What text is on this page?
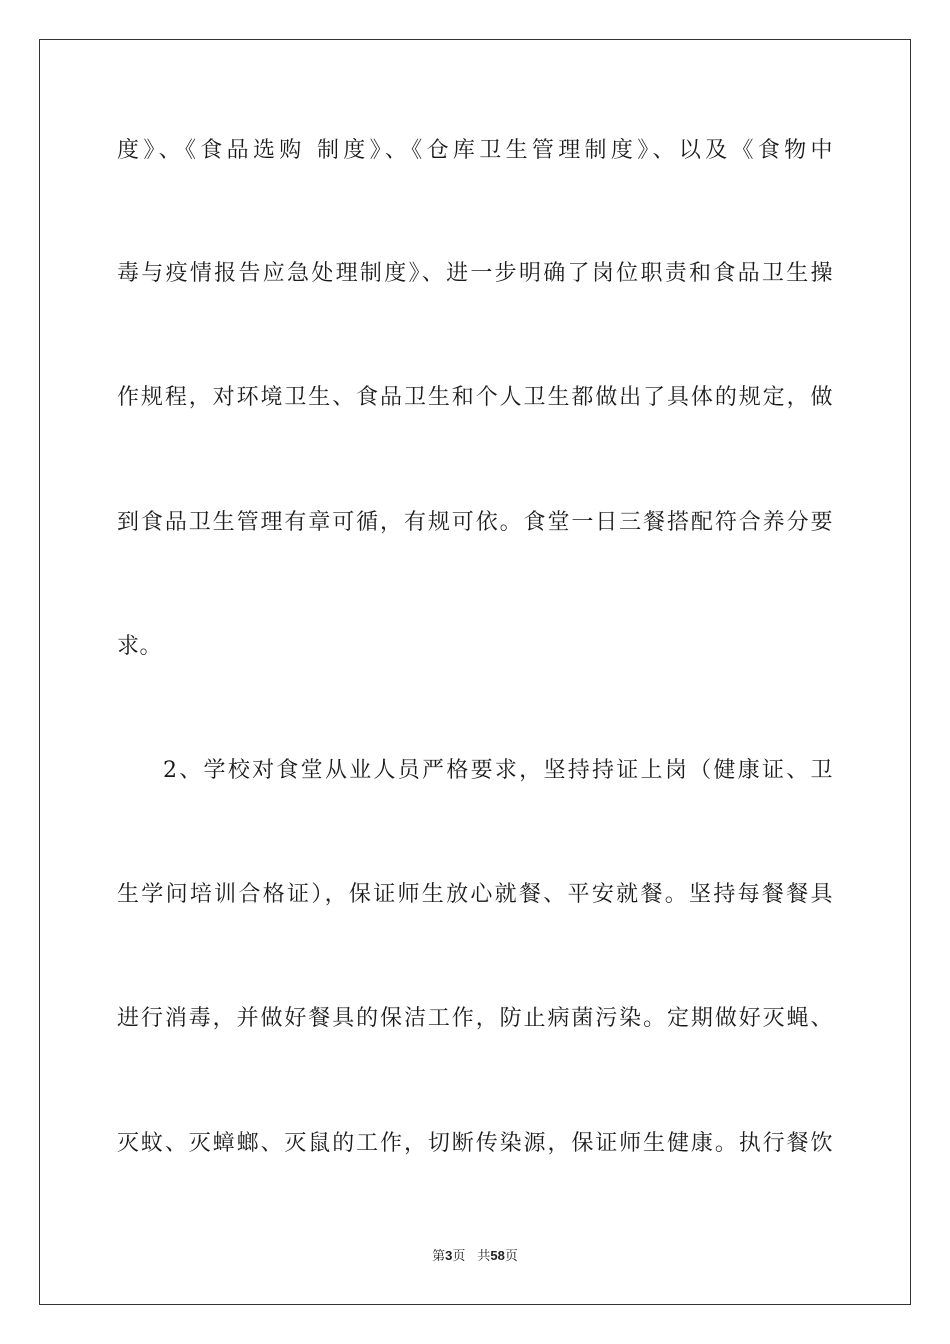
度》、《食品选购 制度》、《仓库卫生管理制度》、以及《食物中
毒与疫情报告应急处理制度》、进一步明确了岗位职责和食品卫生操
作规程，对环境卫生、食品卫生和个人卫生都做出了具体的规定，做
到食品卫生管理有章可循，有规可依。食堂一日三餐搭配符合养分要
求。
2、学校对食堂从业人员严格要求，坚持持证上岗（健康证、卫
生学问培训合格证），保证师生放心就餐、平安就餐。坚持每餐餐具
进行消毒，并做好餐具的保洁工作，防止病菌污染。定期做好灭蝇、
灭蚊、灭蟑螂、灭鼠的工作，切断传染源，保证师生健康。执行餐饮
第3页 共58页
